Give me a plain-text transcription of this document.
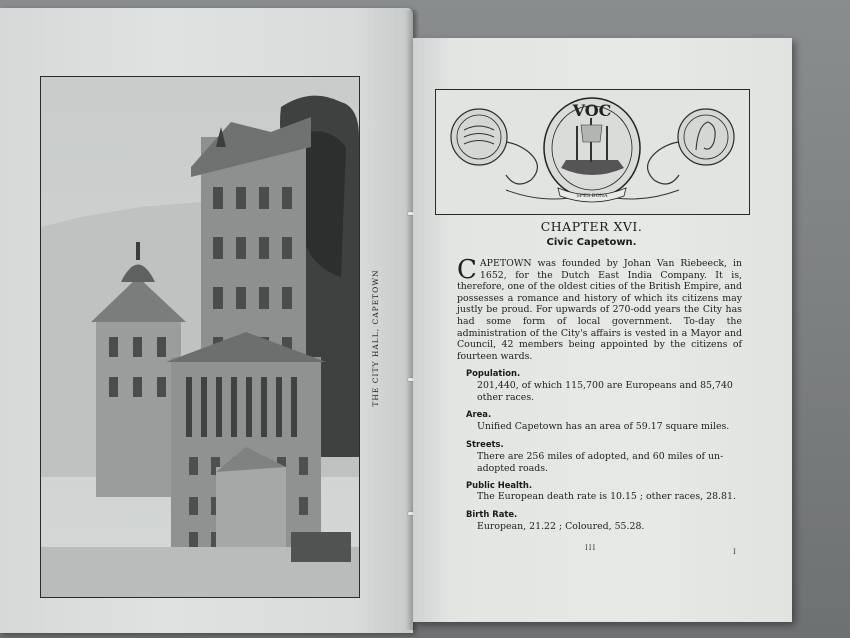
THE CITY HALL, CAPETOWN
SPES BONA
VOC
CHAPTER XVI.
Civic Capetown.
CAPETOWN was founded by Johan Van Riebeeck, in 1652, for the Dutch East India Company. It is, therefore, one of the oldest cities of the British Empire, and possesses a romance and history of which its citizens may justly be proud. For upwards of 270-odd years the City has had some form of local government. To-day the administration of the City's affairs is vested in a Mayor and Council, 42 members being appointed by the citizens of fourteen wards.
Population.
201,440, of which 115,700 are Europeans and 85,740 other races.
Area.
Unified Capetown has an area of 59.17 square miles.
Streets.
There are 256 miles of adopted, and 60 miles of un-adopted roads.
Public Health.
The European death rate is 10.15 ; other races, 28.81.
Birth Rate.
European, 21.22 ; Coloured, 55.28.
III	I
